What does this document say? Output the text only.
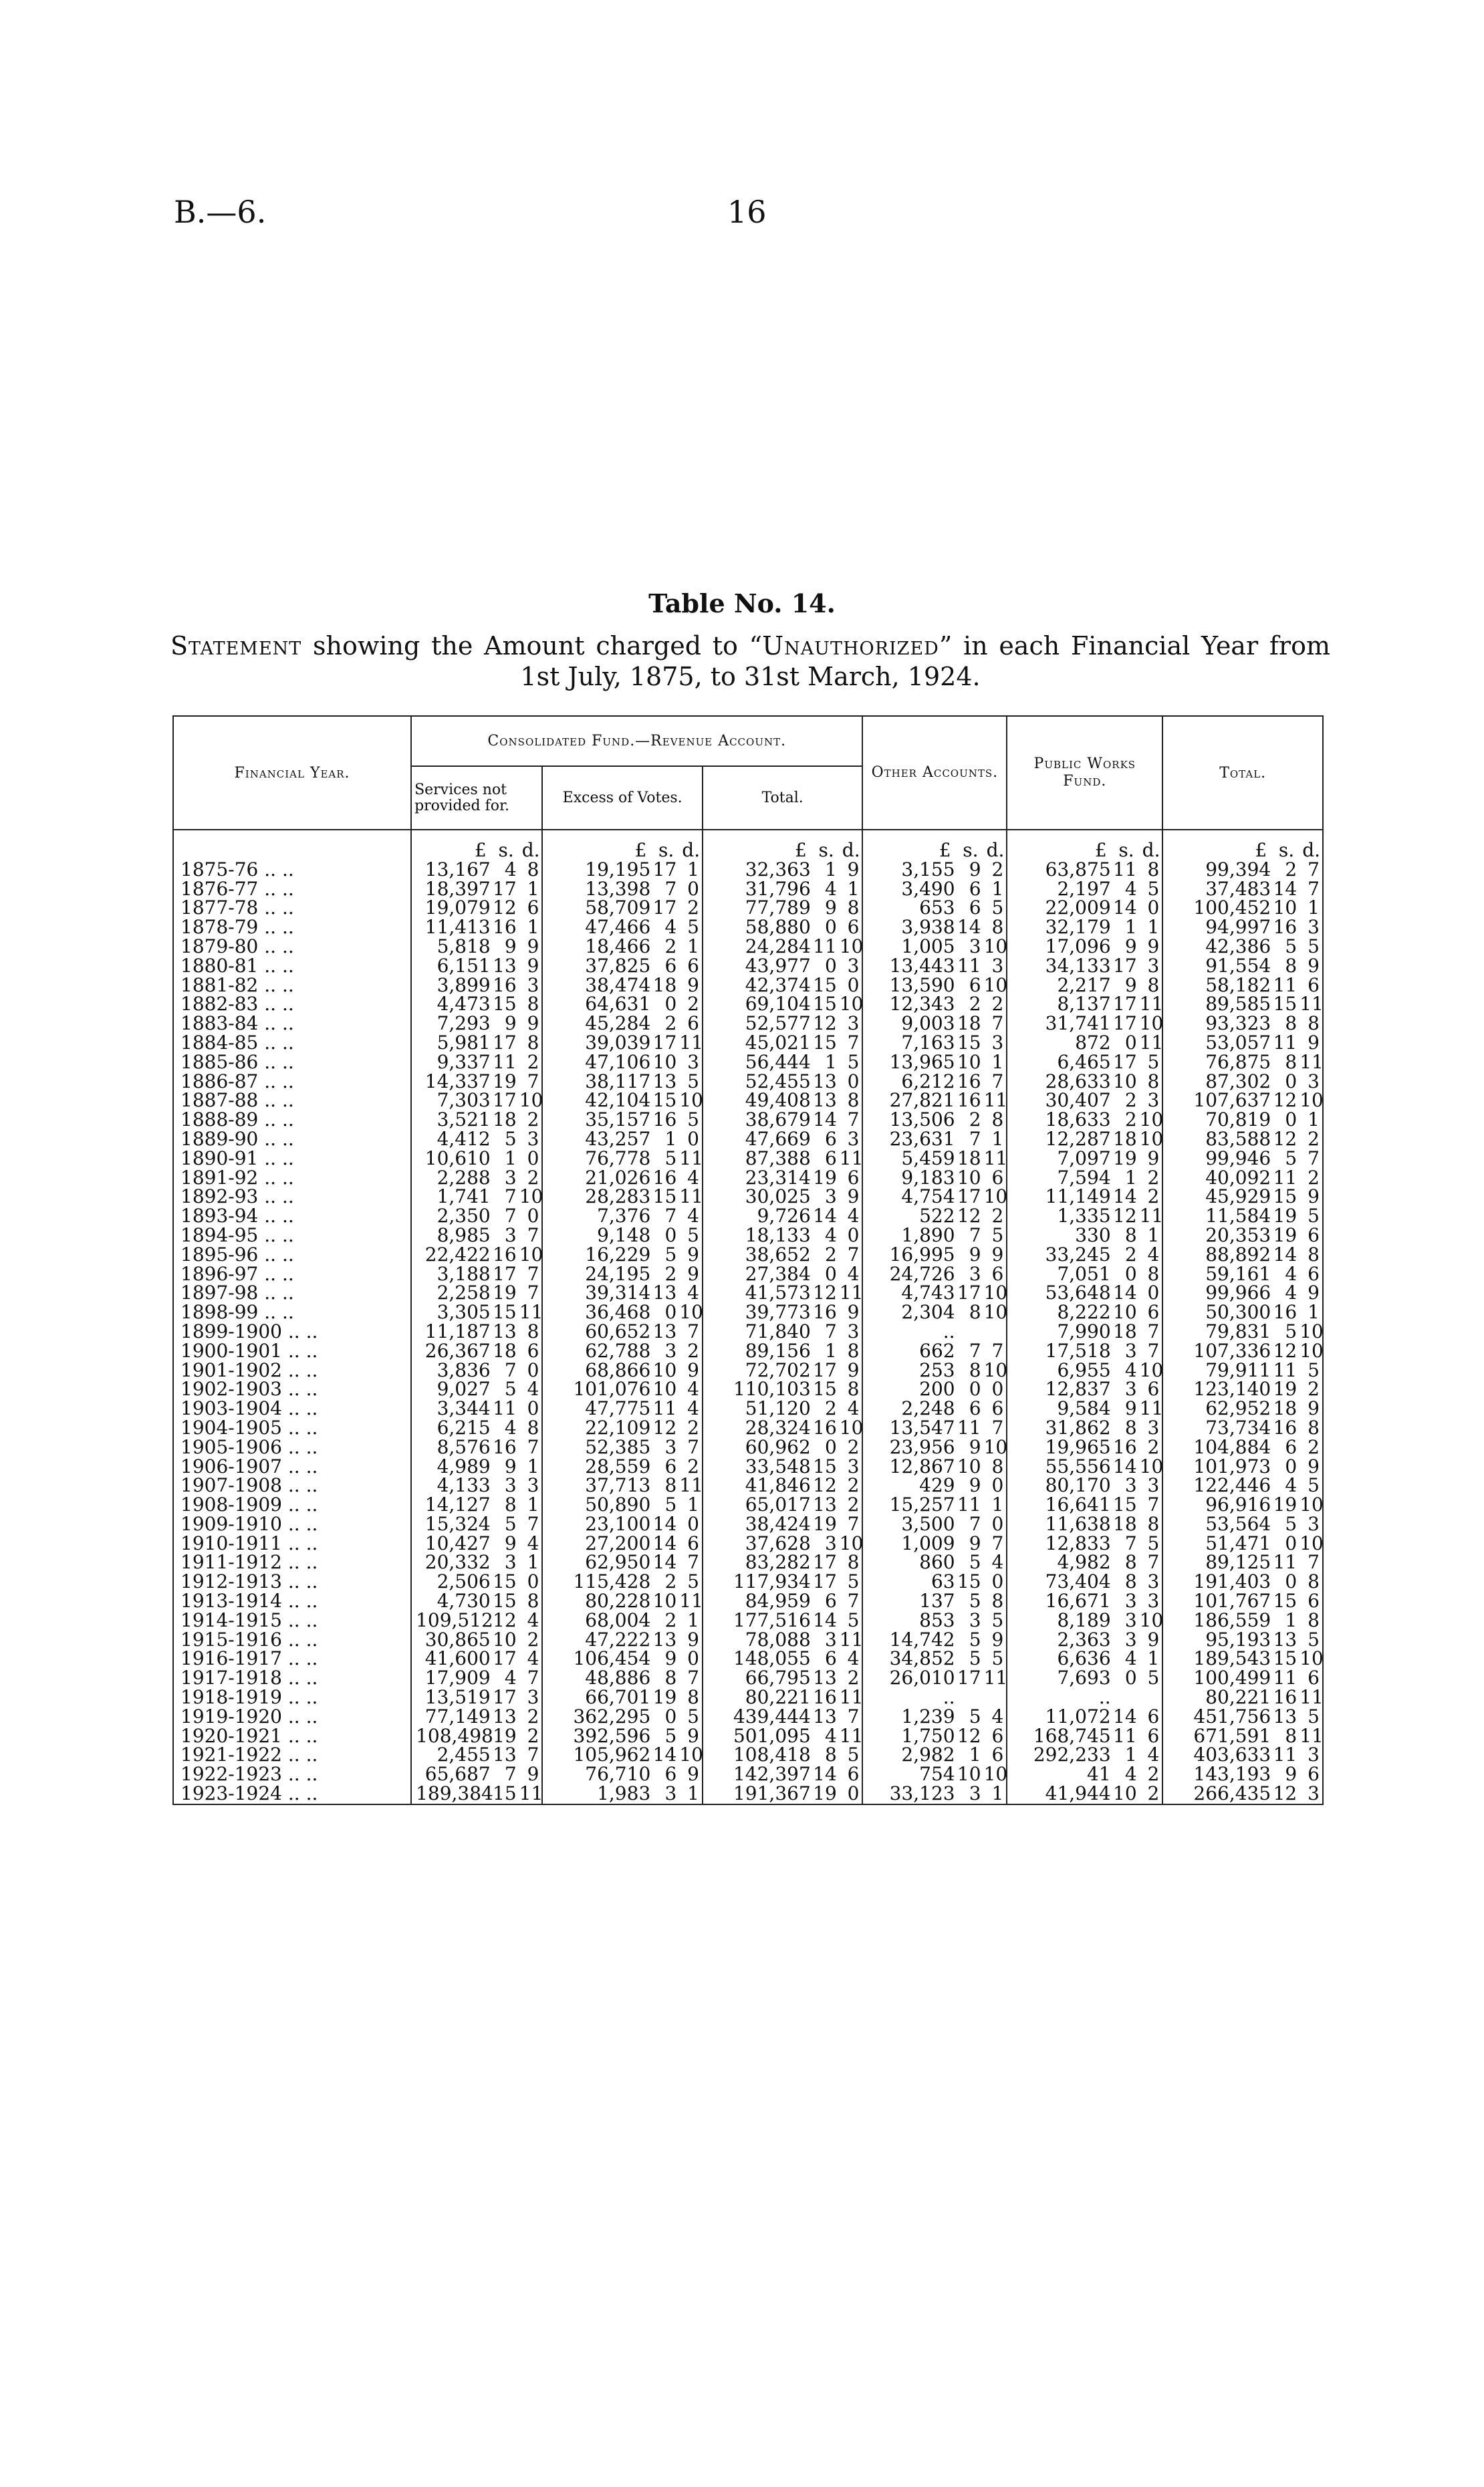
B.—6.	16
Table No. 14.
Statement showing the Amount charged to “Unauthorized” in each Financial Year from 1st July, 1875, to 31st March, 1924.
Financial Year.	Consolidated Fund.—Revenue Account.									Other Accounts.			Public Works Fund.			Total.		
	Services not provided for.			Excess of Votes.			Total.											
	£	s.	d.	£	s.	d.	£	s.	d.	£	s.	d.	£	s.	d.	£	s.	d.
1875-76 .. ..	13,167	4	8	19,195	17	1	32,363	1	9	3,155	9	2	63,875	11	8	99,394	2	7
1876-77 .. ..	18,397	17	1	13,398	7	0	31,796	4	1	3,490	6	1	2,197	4	5	37,483	14	7
1877-78 .. ..	19,079	12	6	58,709	17	2	77,789	9	8	653	6	5	22,009	14	0	100,452	10	1
1878-79 .. ..	11,413	16	1	47,466	4	5	58,880	0	6	3,938	14	8	32,179	1	1	94,997	16	3
1879-80 .. ..	5,818	9	9	18,466	2	1	24,284	11	10	1,005	3	10	17,096	9	9	42,386	5	5
1880-81 .. ..	6,151	13	9	37,825	6	6	43,977	0	3	13,443	11	3	34,133	17	3	91,554	8	9
1881-82 .. ..	3,899	16	3	38,474	18	9	42,374	15	0	13,590	6	10	2,217	9	8	58,182	11	6
1882-83 .. ..	4,473	15	8	64,631	0	2	69,104	15	10	12,343	2	2	8,137	17	11	89,585	15	11
1883-84 .. ..	7,293	9	9	45,284	2	6	52,577	12	3	9,003	18	7	31,741	17	10	93,323	8	8
1884-85 .. ..	5,981	17	8	39,039	17	11	45,021	15	7	7,163	15	3	872	0	11	53,057	11	9
1885-86 .. ..	9,337	11	2	47,106	10	3	56,444	1	5	13,965	10	1	6,465	17	5	76,875	8	11
1886-87 .. ..	14,337	19	7	38,117	13	5	52,455	13	0	6,212	16	7	28,633	10	8	87,302	0	3
1887-88 .. ..	7,303	17	10	42,104	15	10	49,408	13	8	27,821	16	11	30,407	2	3	107,637	12	10
1888-89 .. ..	3,521	18	2	35,157	16	5	38,679	14	7	13,506	2	8	18,633	2	10	70,819	0	1
1889-90 .. ..	4,412	5	3	43,257	1	0	47,669	6	3	23,631	7	1	12,287	18	10	83,588	12	2
1890-91 .. ..	10,610	1	0	76,778	5	11	87,388	6	11	5,459	18	11	7,097	19	9	99,946	5	7
1891-92 .. ..	2,288	3	2	21,026	16	4	23,314	19	6	9,183	10	6	7,594	1	2	40,092	11	2
1892-93 .. ..	1,741	7	10	28,283	15	11	30,025	3	9	4,754	17	10	11,149	14	2	45,929	15	9
1893-94 .. ..	2,350	7	0	7,376	7	4	9,726	14	4	522	12	2	1,335	12	11	11,584	19	5
1894-95 .. ..	8,985	3	7	9,148	0	5	18,133	4	0	1,890	7	5	330	8	1	20,353	19	6
1895-96 .. ..	22,422	16	10	16,229	5	9	38,652	2	7	16,995	9	9	33,245	2	4	88,892	14	8
1896-97 .. ..	3,188	17	7	24,195	2	9	27,384	0	4	24,726	3	6	7,051	0	8	59,161	4	6
1897-98 .. ..	2,258	19	7	39,314	13	4	41,573	12	11	4,743	17	10	53,648	14	0	99,966	4	9
1898-99 .. ..	3,305	15	11	36,468	0	10	39,773	16	9	2,304	8	10	8,222	10	6	50,300	16	1
1899-1900 .. ..	11,187	13	8	60,652	13	7	71,840	7	3	..			7,990	18	7	79,831	5	10
1900-1901 .. ..	26,367	18	6	62,788	3	2	89,156	1	8	662	7	7	17,518	3	7	107,336	12	10
1901-1902 .. ..	3,836	7	0	68,866	10	9	72,702	17	9	253	8	10	6,955	4	10	79,911	11	5
1902-1903 .. ..	9,027	5	4	101,076	10	4	110,103	15	8	200	0	0	12,837	3	6	123,140	19	2
1903-1904 .. ..	3,344	11	0	47,775	11	4	51,120	2	4	2,248	6	6	9,584	9	11	62,952	18	9
1904-1905 .. ..	6,215	4	8	22,109	12	2	28,324	16	10	13,547	11	7	31,862	8	3	73,734	16	8
1905-1906 .. ..	8,576	16	7	52,385	3	7	60,962	0	2	23,956	9	10	19,965	16	2	104,884	6	2
1906-1907 .. ..	4,989	9	1	28,559	6	2	33,548	15	3	12,867	10	8	55,556	14	10	101,973	0	9
1907-1908 .. ..	4,133	3	3	37,713	8	11	41,846	12	2	429	9	0	80,170	3	3	122,446	4	5
1908-1909 .. ..	14,127	8	1	50,890	5	1	65,017	13	2	15,257	11	1	16,641	15	7	96,916	19	10
1909-1910 .. ..	15,324	5	7	23,100	14	0	38,424	19	7	3,500	7	0	11,638	18	8	53,564	5	3
1910-1911 .. ..	10,427	9	4	27,200	14	6	37,628	3	10	1,009	9	7	12,833	7	5	51,471	0	10
1911-1912 .. ..	20,332	3	1	62,950	14	7	83,282	17	8	860	5	4	4,982	8	7	89,125	11	7
1912-1913 .. ..	2,506	15	0	115,428	2	5	117,934	17	5	63	15	0	73,404	8	3	191,403	0	8
1913-1914 .. ..	4,730	15	8	80,228	10	11	84,959	6	7	137	5	8	16,671	3	3	101,767	15	6
1914-1915 .. ..	109,512	12	4	68,004	2	1	177,516	14	5	853	3	5	8,189	3	10	186,559	1	8
1915-1916 .. ..	30,865	10	2	47,222	13	9	78,088	3	11	14,742	5	9	2,363	3	9	95,193	13	5
1916-1917 .. ..	41,600	17	4	106,454	9	0	148,055	6	4	34,852	5	5	6,636	4	1	189,543	15	10
1917-1918 .. ..	17,909	4	7	48,886	8	7	66,795	13	2	26,010	17	11	7,693	0	5	100,499	11	6
1918-1919 .. ..	13,519	17	3	66,701	19	8	80,221	16	11	..			..			80,221	16	11
1919-1920 .. ..	77,149	13	2	362,295	0	5	439,444	13	7	1,239	5	4	11,072	14	6	451,756	13	5
1920-1921 .. ..	108,498	19	2	392,596	5	9	501,095	4	11	1,750	12	6	168,745	11	6	671,591	8	11
1921-1922 .. ..	2,455	13	7	105,962	14	10	108,418	8	5	2,982	1	6	292,233	1	4	403,633	11	3
1922-1923 .. ..	65,687	7	9	76,710	6	9	142,397	14	6	754	10	10	41	4	2	143,193	9	6
1923-1924 .. ..	189,384	15	11	1,983	3	1	191,367	19	0	33,123	3	1	41,944	10	2	266,435	12	3
